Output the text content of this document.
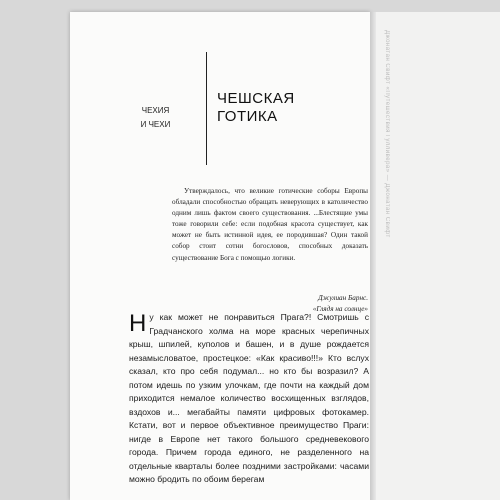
Джонатан Свифт «Путешествия Гулливера» — Джонатан Свифт
ЧЕХИЯ
И ЧЕХИ
ЧЕШСКАЯ
ГОТИКА

Утверждалось, что великие готические соборы Европы обладали способностью обращать неверующих в католичество одним лишь фактом своего существования. ...Блестящие умы тоже говорили себе: если подобная красота существует, как может не быть истинной идея, ее породившая? Один такой собор стоит сотни богословов, способных доказать существование Бога с помощью логики.

Джулиан Барнс.
«Глядя на солнце»

Ну как может не понравиться Прага?! Смотришь с Градчанского холма на море красных черепичных крыш, шпилей, куполов и башен, и в душе рождается незамысловатое, простецкое: «Как красиво!!!» Кто вслух сказал, кто про себя подумал... но кто бы возразил? А потом идешь по узким улочкам, где почти на каждый дом приходится немалое количество восхищенных взглядов, вздохов и... мегабайты памяти цифровых фотокамер. Кстати, вот и первое объективное преимущество Праги: нигде в Европе нет такого большого средневекового города. Причем города единого, не разделенного на отдельные кварталы более поздними застройками: часами можно бродить по обоим берегам
